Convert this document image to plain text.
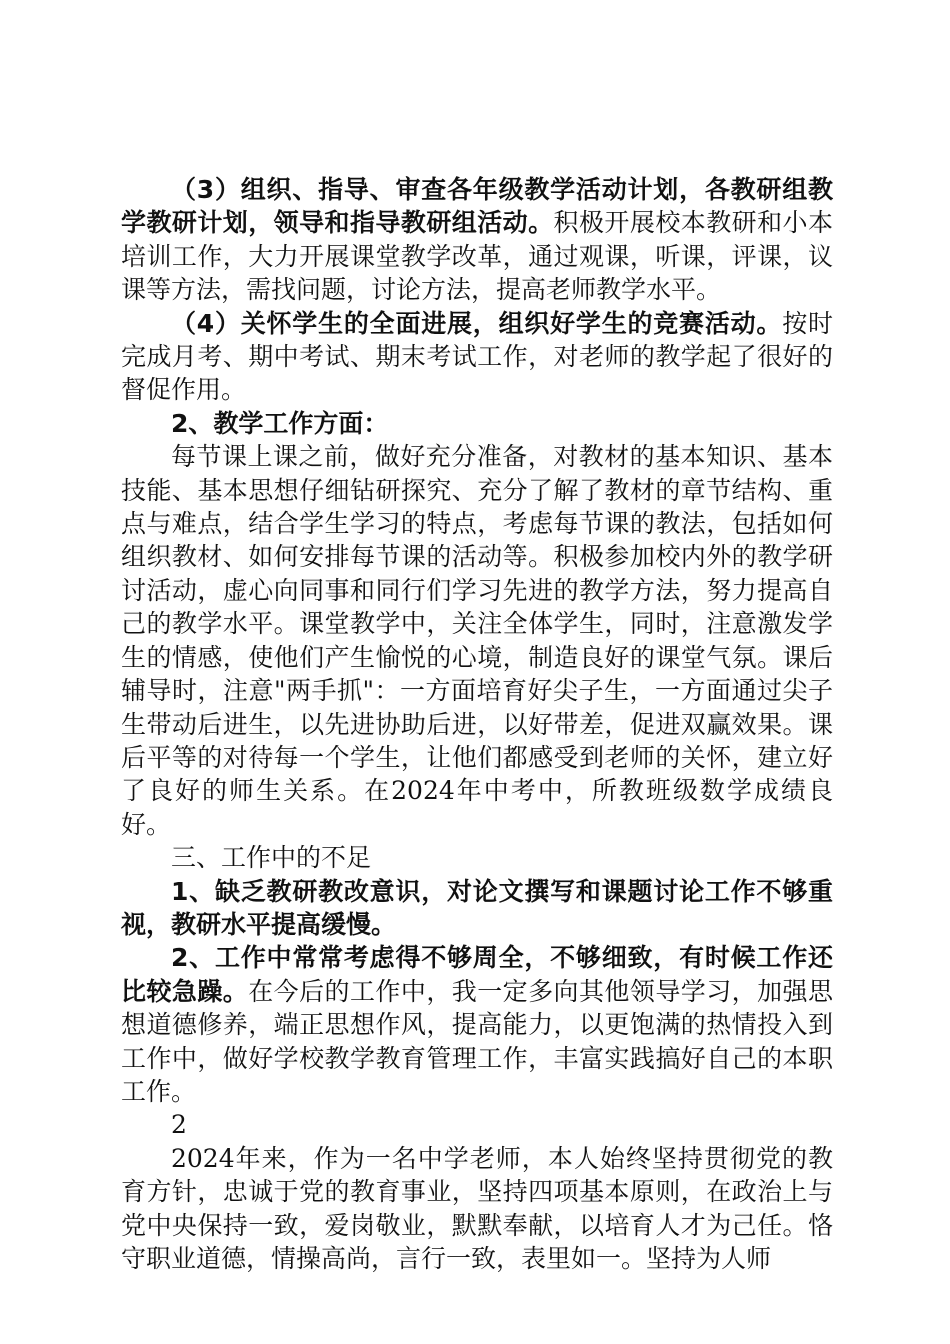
（3）组织、指导、审查各年级教学活动计划，各教研组教学教研计划，领导和指导教研组活动。积极开展校本教研和小本培训工作，大力开展课堂教学改革，通过观课，听课，评课，议课等方法，需找问题，讨论方法，提高老师教学水平。

（4）关怀学生的全面进展，组织好学生的竞赛活动。按时完成月考、期中考试、期末考试工作，对老师的教学起了很好的督促作用。

2、教学工作方面：

每节课上课之前，做好充分准备，对教材的基本知识、基本技能、基本思想仔细钻研探究、充分了解了教材的章节结构、重点与难点，结合学生学习的特点，考虑每节课的教法，包括如何组织教材、如何安排每节课的活动等。积极参加校内外的教学研讨活动，虚心向同事和同行们学习先进的教学方法，努力提高自己的教学水平。课堂教学中，关注全体学生，同时，注意激发学生的情感，使他们产生愉悦的心境，制造良好的课堂气氛。课后辅导时，注意"两手抓"：一方面培育好尖子生，一方面通过尖子生带动后进生，以先进协助后进，以好带差，促进双赢效果。课后平等的对待每一个学生，让他们都感受到老师的关怀，建立好了良好的师生关系。在2024年中考中，所教班级数学成绩良好。

三、工作中的不足

1、缺乏教研教改意识，对论文撰写和课题讨论工作不够重视，教研水平提高缓慢。

2、工作中常常考虑得不够周全，不够细致，有时候工作还比较急躁。在今后的工作中，我一定多向其他领导学习，加强思想道德修养，端正思想作风，提高能力，以更饱满的热情投入到工作中，做好学校教学教育管理工作，丰富实践搞好自己的本职工作。

2

2024年来，作为一名中学老师，本人始终坚持贯彻党的教育方针，忠诚于党的教育事业，坚持四项基本原则，在政治上与党中央保持一致，爱岗敬业，默默奉献，以培育人才为己任。恪守职业道德，情操高尚，言行一致，表里如一。坚持为人师
